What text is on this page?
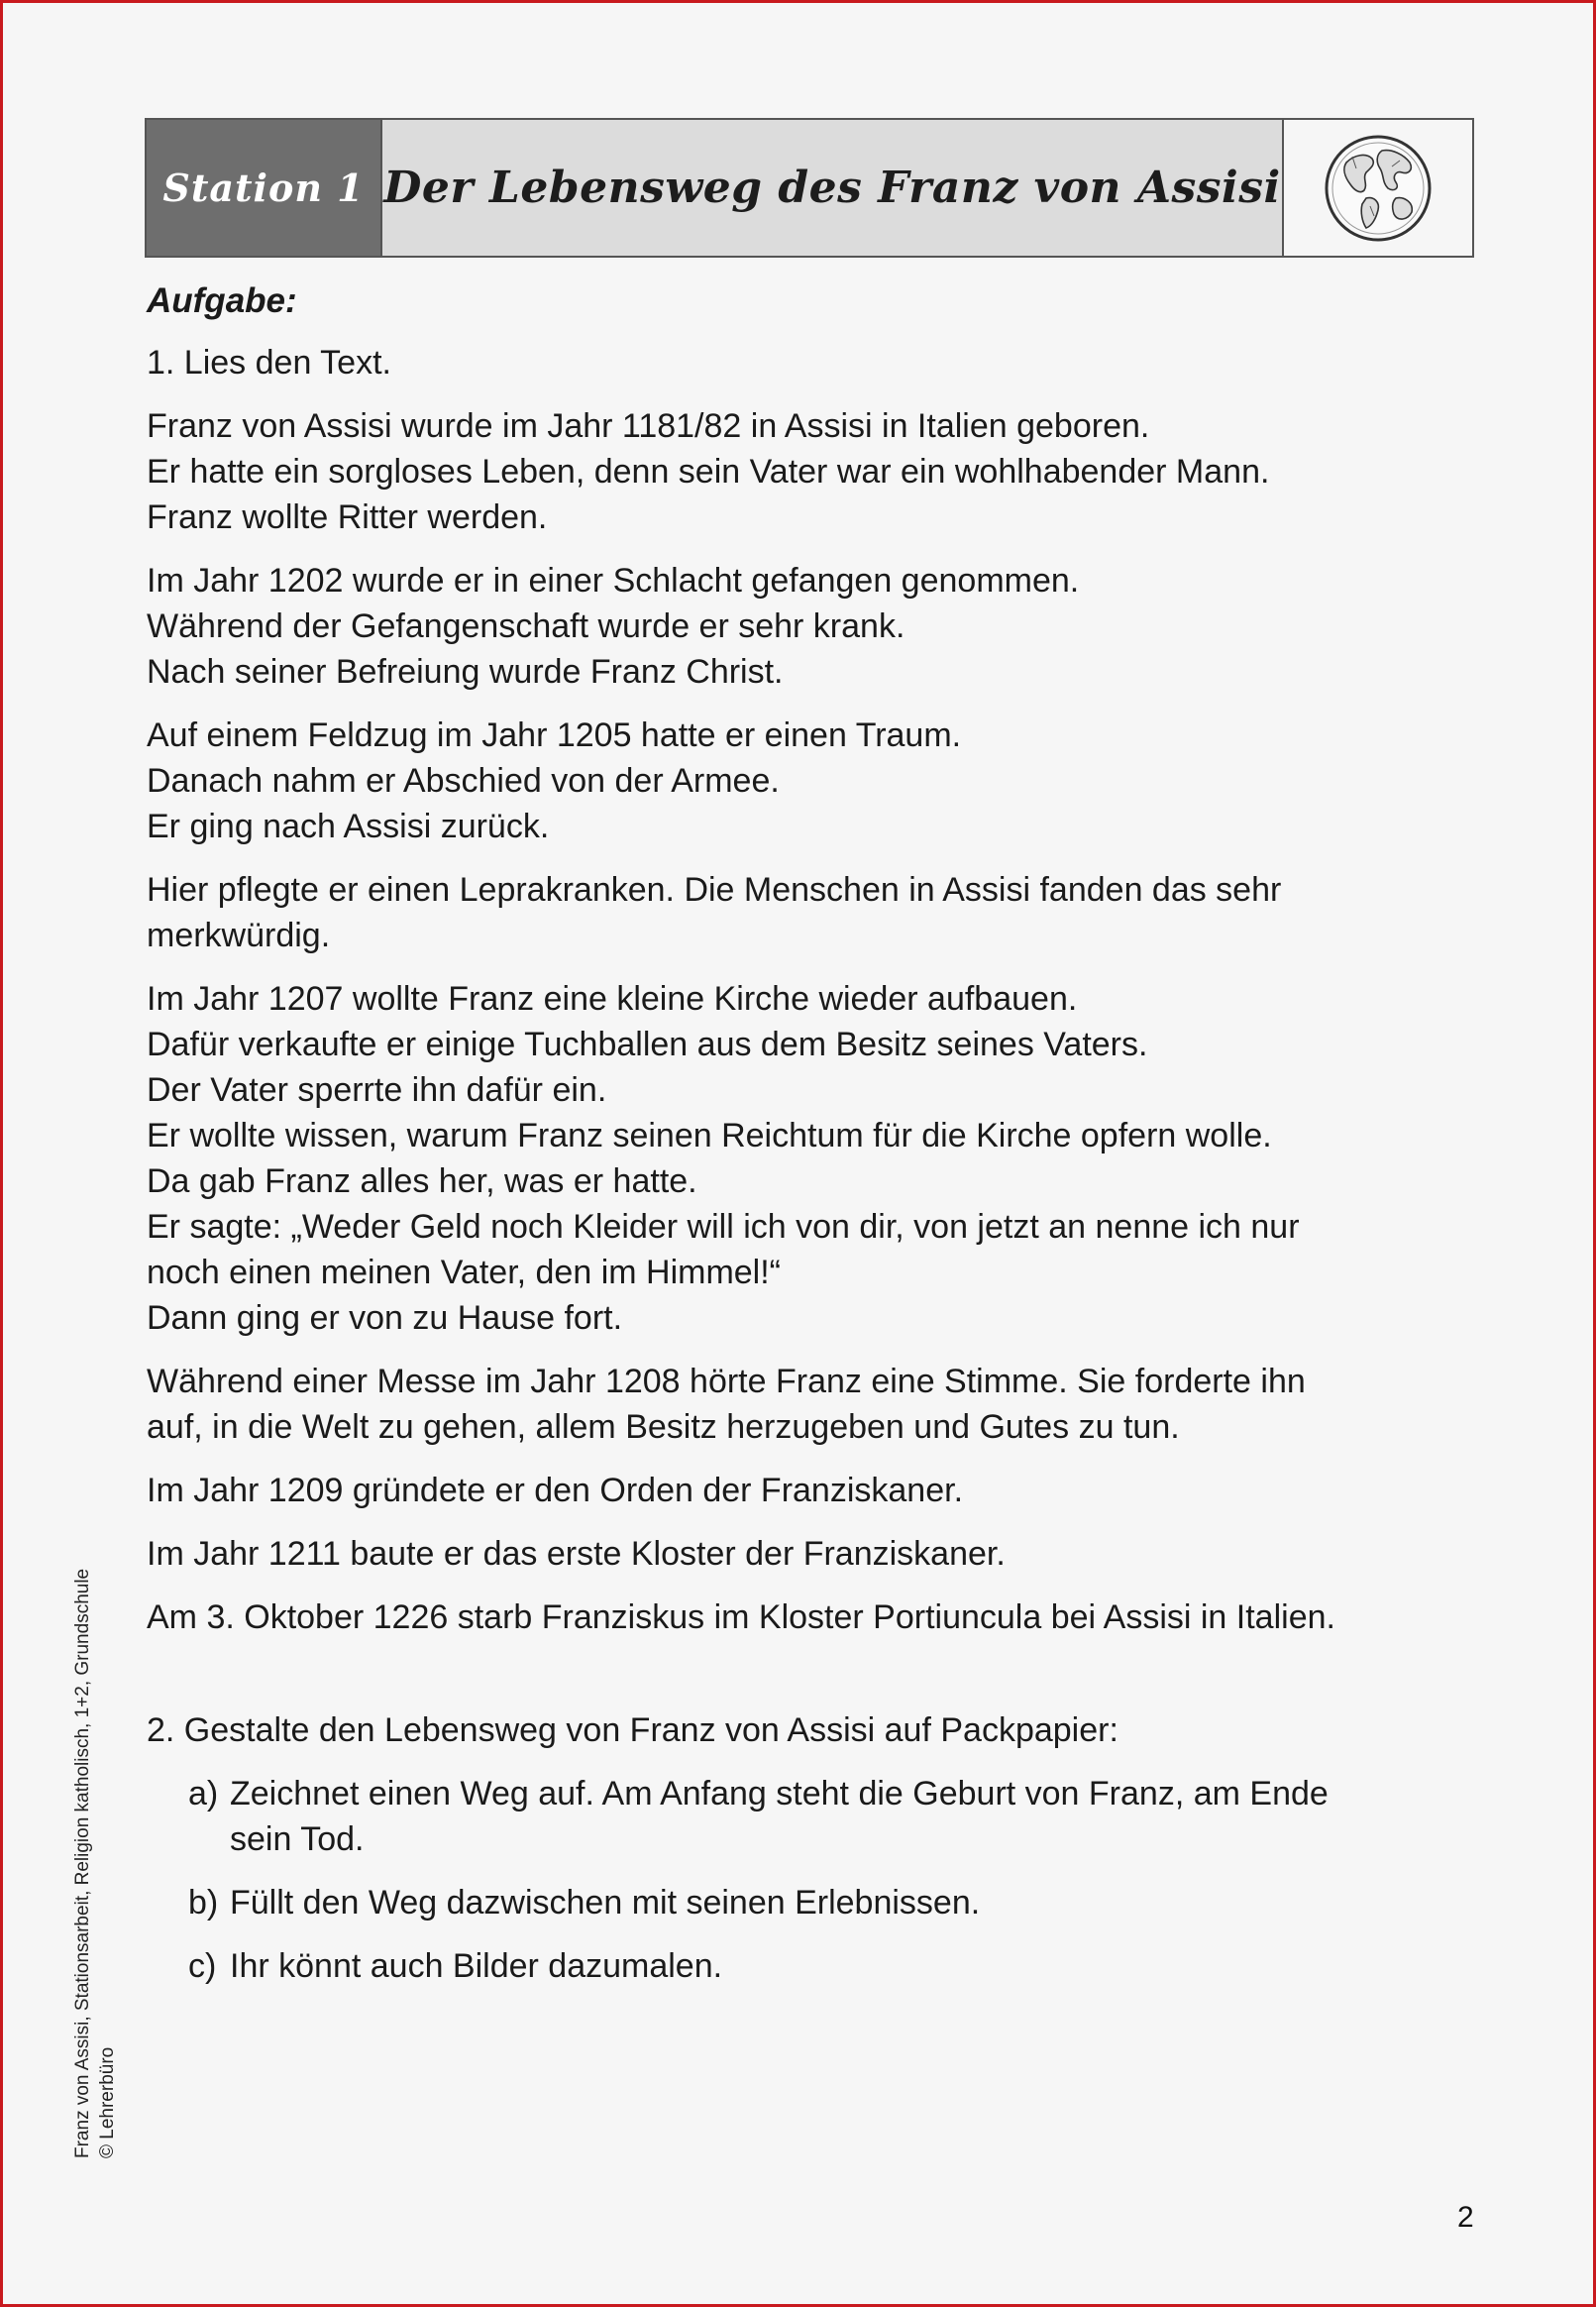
Station 1 Der Lebensweg des Franz von Assisi
Aufgabe:
1. Lies den Text.
Franz von Assisi wurde im Jahr 1181/82 in Assisi in Italien geboren.
Er hatte ein sorgloses Leben, denn sein Vater war ein wohlhabender Mann.
Franz wollte Ritter werden.
Im Jahr 1202 wurde er in einer Schlacht gefangen genommen.
Während der Gefangenschaft wurde er sehr krank.
Nach seiner Befreiung wurde Franz Christ.
Auf einem Feldzug im Jahr 1205 hatte er einen Traum.
Danach nahm er Abschied von der Armee.
Er ging nach Assisi zurück.
Hier pflegte er einen Leprakranken. Die Menschen in Assisi fanden das sehr
merkwürdig.
Im Jahr 1207 wollte Franz eine kleine Kirche wieder aufbauen.
Dafür verkaufte er einige Tuchballen aus dem Besitz seines Vaters.
Der Vater sperrte ihn dafür ein.
Er wollte wissen, warum Franz seinen Reichtum für die Kirche opfern wolle.
Da gab Franz alles her, was er hatte.
Er sagte: „Weder Geld noch Kleider will ich von dir, von jetzt an nenne ich nur
noch einen meinen Vater, den im Himmel!“
Dann ging er von zu Hause fort.
Während einer Messe im Jahr 1208 hörte Franz eine Stimme. Sie forderte ihn
auf, in die Welt zu gehen, allem Besitz herzugeben und Gutes zu tun.
Im Jahr 1209 gründete er den Orden der Franziskaner.
Im Jahr 1211 baute er das erste Kloster der Franziskaner.
Am 3. Oktober 1226 starb Franziskus im Kloster Portiuncula bei Assisi in Italien.
2. Gestalte den Lebensweg von Franz von Assisi auf Packpapier:
a) Zeichnet einen Weg auf. Am Anfang steht die Geburt von Franz, am Ende
sein Tod.
b) Füllt den Weg dazwischen mit seinen Erlebnissen.
c) Ihr könnt auch Bilder dazumalen.
Franz von Assisi, Stationsarbeit, Religion katholisch, 1+2, Grundschule © Lehrerbüro
2
